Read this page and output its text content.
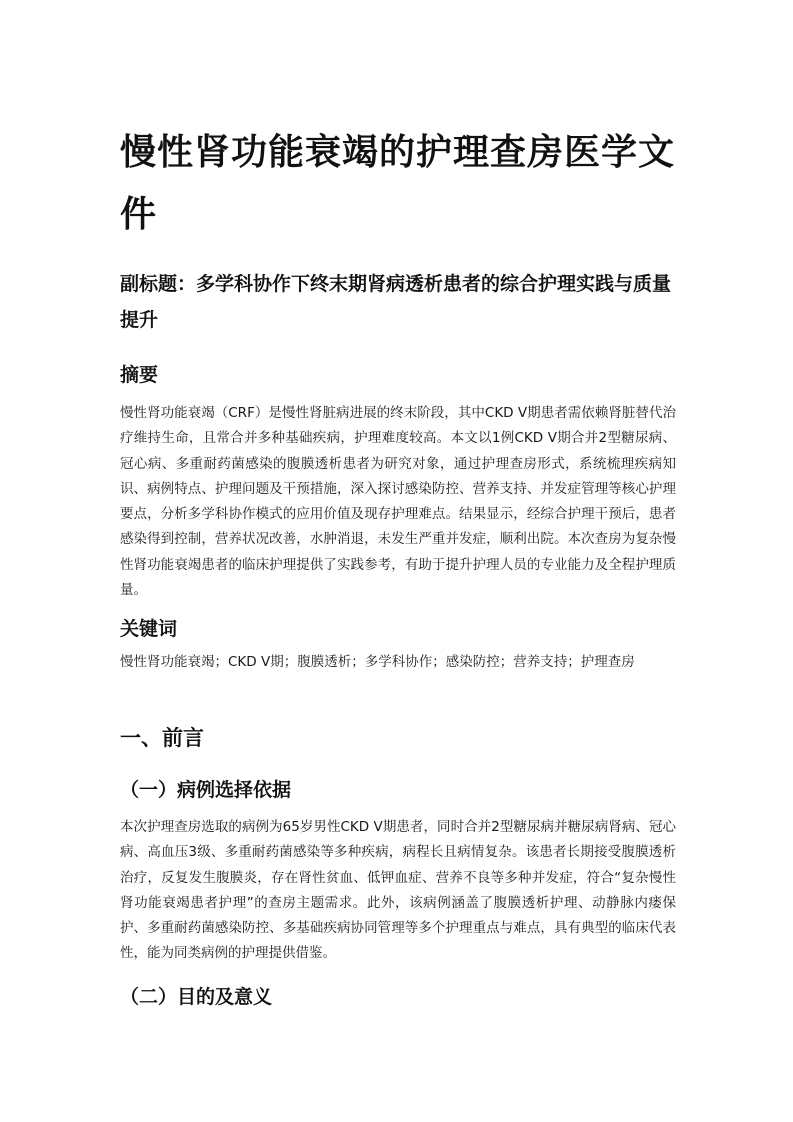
慢性肾功能衰竭的护理查房医学文件
副标题：多学科协作下终末期肾病透析患者的综合护理实践与质量提升
摘要

慢性肾功能衰竭（CRF）是慢性肾脏病进展的终末阶段，其中CKD V期患者需依赖肾脏替代治疗维持生命，且常合并多种基础疾病，护理难度较高。本文以1例CKD V期合并2型糖尿病、冠心病、多重耐药菌感染的腹膜透析患者为研究对象，通过护理查房形式，系统梳理疾病知识、病例特点、护理问题及干预措施，深入探讨感染防控、营养支持、并发症管理等核心护理要点，分析多学科协作模式的应用价值及现存护理难点。结果显示，经综合护理干预后，患者感染得到控制，营养状况改善，水肿消退，未发生严重并发症，顺利出院。本次查房为复杂慢性肾功能衰竭患者的临床护理提供了实践参考，有助于提升护理人员的专业能力及全程护理质量。

关键词

慢性肾功能衰竭；CKD V期；腹膜透析；多学科协作；感染防控；营养支持；护理查房

一、前言
（一）病例选择依据

本次护理查房选取的病例为65岁男性CKD V期患者，同时合并2型糖尿病并糖尿病肾病、冠心病、高血压3级、多重耐药菌感染等多种疾病，病程长且病情复杂。该患者长期接受腹膜透析治疗，反复发生腹膜炎，存在肾性贫血、低钾血症、营养不良等多种并发症，符合“复杂慢性肾功能衰竭患者护理”的查房主题需求。此外，该病例涵盖了腹膜透析护理、动静脉内瘘保护、多重耐药菌感染防控、多基础疾病协同管理等多个护理重点与难点，具有典型的临床代表性，能为同类病例的护理提供借鉴。

（二）目的及意义
